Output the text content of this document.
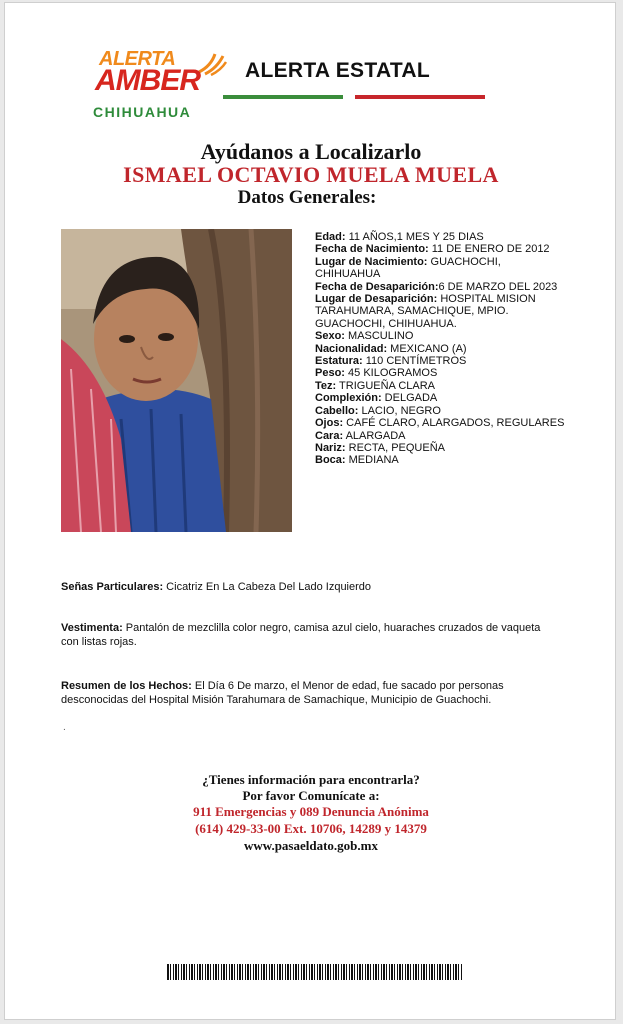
ALERTA
AMBER
CHIHUAHUA
ALERTA ESTATAL
Ayúdanos a Localizarlo
ISMAEL OCTAVIO MUELA MUELA
Datos Generales:

Edad: 11 AÑOS,1 MES Y 25 DIAS

Fecha de Nacimiento: 11 DE ENERO DE 2012

Lugar de Nacimiento: GUACHOCHI, CHIHUAHUA

Fecha de Desaparición:6 DE MARZO DEL 2023

Lugar de Desaparición: HOSPITAL MISION TARAHUMARA, SAMACHIQUE, MPIO. GUACHOCHI, CHIHUAHUA.

Sexo: MASCULINO

Nacionalidad: MEXICANO (A)

Estatura: 110 CENTÍMETROS

Peso: 45 KILOGRAMOS

Tez: TRIGUEÑA CLARA

Complexión: DELGADA

Cabello: LACIO, NEGRO

Ojos: CAFÉ CLARO, ALARGADOS, REGULARES

Cara: ALARGADA

Nariz: RECTA, PEQUEÑA

Boca: MEDIANA

Señas Particulares: Cicatriz En La Cabeza Del Lado Izquierdo
Vestimenta: Pantalón de mezclilla color negro, camisa azul cielo, huaraches cruzados de vaqueta con listas rojas.
Resumen de los Hechos: El Día 6 De marzo, el Menor de edad, fue sacado por personas desconocidas del Hospital Misión Tarahumara de Samachique, Municipio de Guachochi.
.
¿Tienes información para encontrarla?
Por favor Comunícate a:
911 Emergencias y 089 Denuncia Anónima
(614) 429-33-00 Ext. 10706, 14289 y 14379
www.pasaeldato.gob.mx
